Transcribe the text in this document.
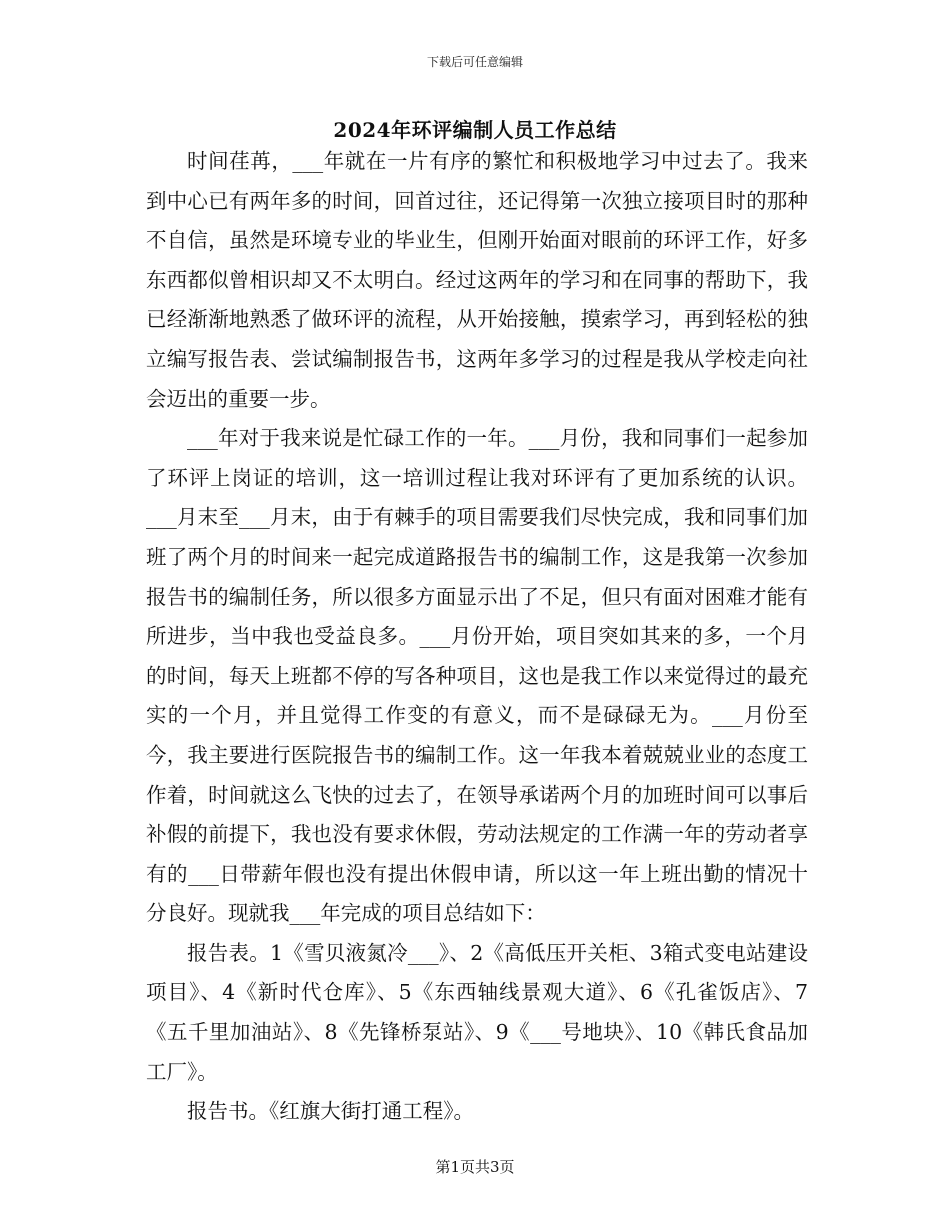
下载后可任意编辑
2024年环评编制人员工作总结

时间荏苒，___年就在一片有序的繁忙和积极地学习中过去了。我来到中心已有两年多的时间，回首过往，还记得第一次独立接项目时的那种不自信，虽然是环境专业的毕业生，但刚开始面对眼前的环评工作，好多东西都似曾相识却又不太明白。经过这两年的学习和在同事的帮助下，我已经渐渐地熟悉了做环评的流程，从开始接触，摸索学习，再到轻松的独立编写报告表、尝试编制报告书，这两年多学习的过程是我从学校走向社会迈出的重要一步。

___年对于我来说是忙碌工作的一年。___月份，我和同事们一起参加了环评上岗证的培训，这一培训过程让我对环评有了更加系统的认识。___月末至___月末，由于有棘手的项目需要我们尽快完成，我和同事们加班了两个月的时间来一起完成道路报告书的编制工作，这是我第一次参加报告书的编制任务，所以很多方面显示出了不足，但只有面对困难才能有所进步，当中我也受益良多。___月份开始，项目突如其来的多，一个月的时间，每天上班都不停的写各种项目，这也是我工作以来觉得过的最充实的一个月，并且觉得工作变的有意义，而不是碌碌无为。___月份至今，我主要进行医院报告书的编制工作。这一年我本着兢兢业业的态度工作着，时间就这么飞快的过去了，在领导承诺两个月的加班时间可以事后补假的前提下，我也没有要求休假，劳动法规定的工作满一年的劳动者享有的___日带薪年假也没有提出休假申请，所以这一年上班出勤的情况十分良好。现就我___年完成的项目总结如下：

报告表。1《雪贝液氮冷___》、2《高低压开关柜、3箱式变电站建设项目》、4《新时代仓库》、5《东西轴线景观大道》、6《孔雀饭店》、7《五千里加油站》、8《先锋桥泵站》、9《___号地块》、10《韩氏食品加工厂》。

报告书。《红旗大街打通工程》。

第1页共3页
